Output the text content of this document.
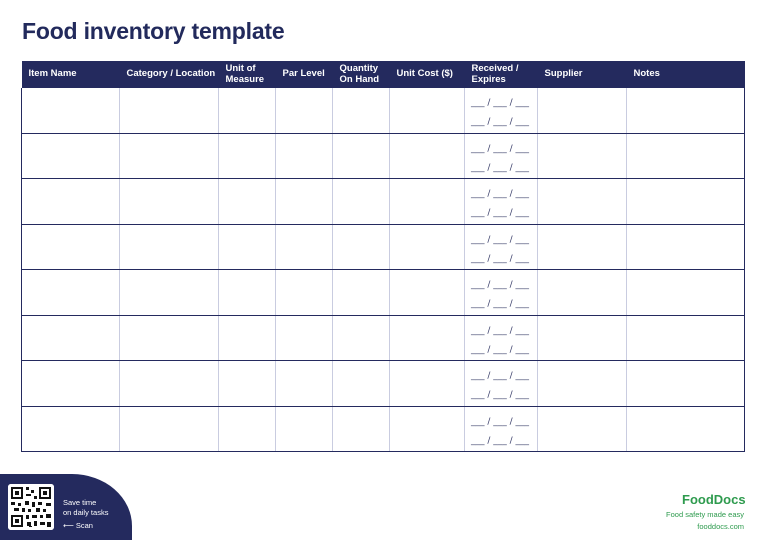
Food inventory template
Item Name	Category / Location	Unit of Measure	Par Level	Quantity On Hand	Unit Cost ($)	Received / Expires	Supplier	Notes

						___ / ___ / ___
___ / ___ / ___		

						___ / ___ / ___
___ / ___ / ___		

						___ / ___ / ___
___ / ___ / ___		

						___ / ___ / ___
___ / ___ / ___		

						___ / ___ / ___
___ / ___ / ___		

						___ / ___ / ___
___ / ___ / ___		

						___ / ___ / ___
___ / ___ / ___		

						___ / ___ / ___
___ / ___ / ___		

Save time
on daily tasks
⟵ Scan
FoodDocs
Food safety made easy
fooddocs.com
